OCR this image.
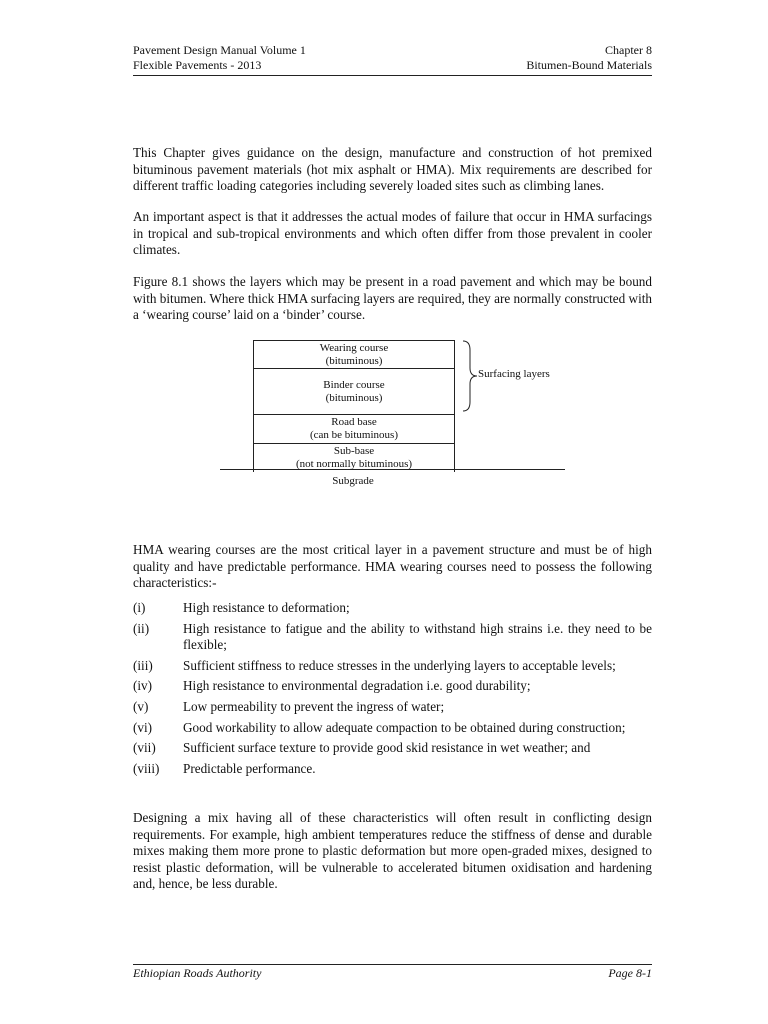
Pavement Design Manual Volume 1	Chapter 8
Flexible Pavements - 2013	Bitumen-Bound Materials

This Chapter gives guidance on the design, manufacture and construction of hot premixed bituminous pavement materials (hot mix asphalt or HMA). Mix requirements are described for different traffic loading categories including severely loaded sites such as climbing lanes.

An important aspect is that it addresses the actual modes of failure that occur in HMA surfacings in tropical and sub-tropical environments and which often differ from those prevalent in cooler climates.

Figure 8.1 shows the layers which may be present in a road pavement and which may be bound with bitumen. Where thick HMA surfacing layers are required, they are normally constructed with a ‘wearing course’ laid on a ‘binder’ course.

Wearing course
(bituminous)
Binder course
(bituminous)
Road base
(can be bituminous)
Sub-base
(not normally bituminous)
Subgrade
Surfacing layers

HMA wearing courses are the most critical layer in a pavement structure and must be of high quality and have predictable performance. HMA wearing courses need to possess the following characteristics:-

(i)	High resistance to deformation;
(ii)	High resistance to fatigue and the ability to withstand high strains i.e. they need to be flexible;
(iii)	Sufficient stiffness to reduce stresses in the underlying layers to acceptable levels;
(iv)	High resistance to environmental degradation i.e. good durability;
(v)	Low permeability to prevent the ingress of water;
(vi)	Good workability to allow adequate compaction to be obtained during construction;
(vii)	Sufficient surface texture to provide good skid resistance in wet weather; and
(viii)	Predictable performance.

Designing a mix having all of these characteristics will often result in conflicting design requirements. For example, high ambient temperatures reduce the stiffness of dense and durable mixes making them more prone to plastic deformation but more open-graded mixes, designed to resist plastic deformation, will be vulnerable to accelerated bitumen oxidisation and hardening and, hence, be less durable.

Ethiopian Roads Authority	Page 8-1
